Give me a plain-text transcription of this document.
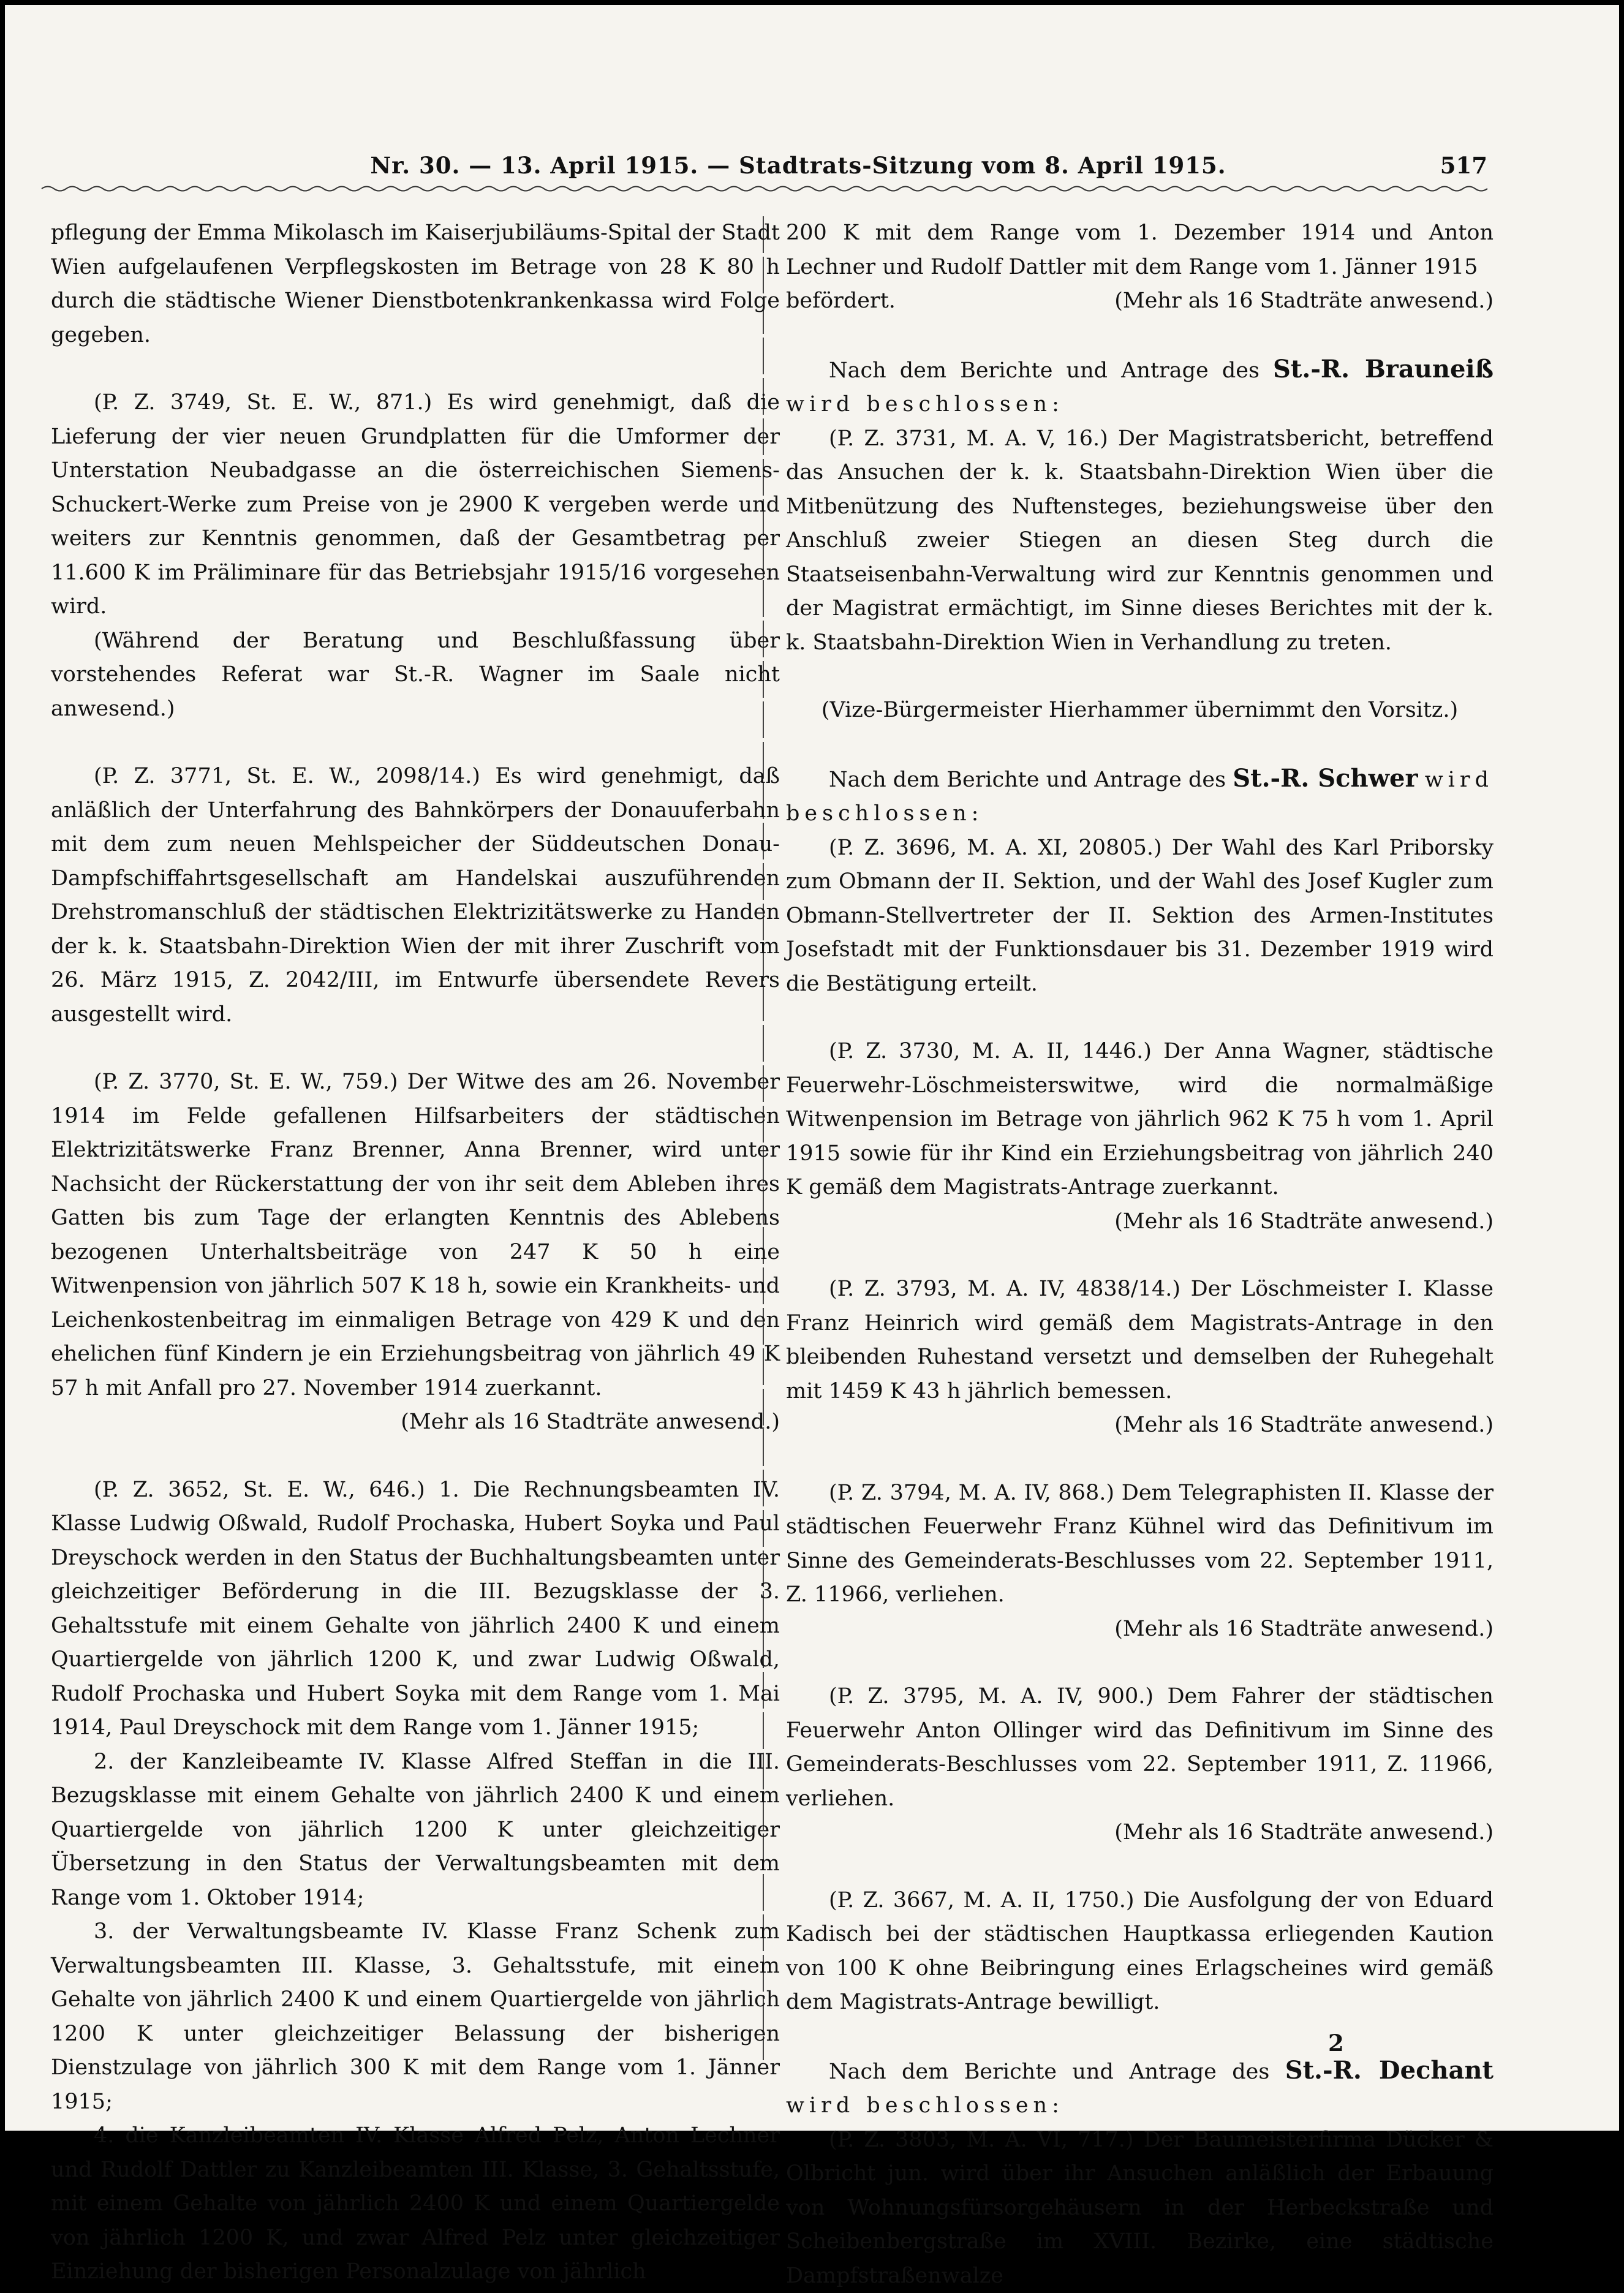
Nr. 30. — 13. April 1915. — Stadtrats-Sitzung vom 8. April 1915.	517

pflegung der Emma Mikolasch im Kaiserjubiläums-Spital der Stadt Wien aufgelaufenen Verpflegskosten im Betrage von 28 K 80 h durch die städtische Wiener Dienstbotenkrankenkassa wird Folge gegeben.

(P. Z. 3749, St. E. W., 871.) Es wird genehmigt, daß die Lieferung der vier neuen Grundplatten für die Umformer der Unterstation Neubadgasse an die österreichischen Siemens-Schuckert-Werke zum Preise von je 2900 K vergeben werde und weiters zur Kenntnis genommen, daß der Gesamtbetrag per 11.600 K im Präliminare für das Betriebsjahr 1915/16 vorgesehen wird.

(Während der Beratung und Beschlußfassung über vorstehendes Referat war St.-R. Wagner im Saale nicht anwesend.)

(P. Z. 3771, St. E. W., 2098/14.) Es wird genehmigt, daß anläßlich der Unterfahrung des Bahnkörpers der Donauuferbahn mit dem zum neuen Mehlspeicher der Süddeutschen Donau-Dampfschiffahrtsgesellschaft am Handelskai auszuführenden Drehstromanschluß der städtischen Elektrizitätswerke zu Handen der k. k. Staatsbahn-Direktion Wien der mit ihrer Zuschrift vom 26. März 1915, Z. 2042/III, im Entwurfe übersendete Revers ausgestellt wird.

(P. Z. 3770, St. E. W., 759.) Der Witwe des am 26. November 1914 im Felde gefallenen Hilfsarbeiters der städtischen Elektrizitätswerke Franz Brenner, Anna Brenner, wird unter Nachsicht der Rückerstattung der von ihr seit dem Ableben ihres Gatten bis zum Tage der erlangten Kenntnis des Ablebens bezogenen Unterhaltsbeiträge von 247 K 50 h eine Witwenpension von jährlich 507 K 18 h, sowie ein Krankheits- und Leichenkostenbeitrag im einmaligen Betrage von 429 K und den ehelichen fünf Kindern je ein Erziehungsbeitrag von jährlich 49 K 57 h mit Anfall pro 27. November 1914 zuerkannt.

(Mehr als 16 Stadträte anwesend.)

(P. Z. 3652, St. E. W., 646.) 1. Die Rechnungsbeamten IV. Klasse Ludwig Oßwald, Rudolf Prochaska, Hubert Soyka und Paul Dreyschock werden in den Status der Buchhaltungsbeamten unter gleichzeitiger Beförderung in die III. Bezugsklasse der 3. Gehaltsstufe mit einem Gehalte von jährlich 2400 K und einem Quartiergelde von jährlich 1200 K, und zwar Ludwig Oßwald, Rudolf Prochaska und Hubert Soyka mit dem Range vom 1. Mai 1914, Paul Dreyschock mit dem Range vom 1. Jänner 1915;

2. der Kanzleibeamte IV. Klasse Alfred Steffan in die III. Bezugsklasse mit einem Gehalte von jährlich 2400 K und einem Quartiergelde von jährlich 1200 K unter gleichzeitiger Übersetzung in den Status der Verwaltungsbeamten mit dem Range vom 1. Oktober 1914;

3. der Verwaltungsbeamte IV. Klasse Franz Schenk zum Verwaltungsbeamten III. Klasse, 3. Gehaltsstufe, mit einem Gehalte von jährlich 2400 K und einem Quartiergelde von jährlich 1200 K unter gleichzeitiger Belassung der bisherigen Dienstzulage von jährlich 300 K mit dem Range vom 1. Jänner 1915;

4. die Kanzleibeamten IV. Klasse Alfred Pelz, Anton Lechner und Rudolf Dattler zu Kanzleibeamten III. Klasse, 3. Gehaltsstufe, mit einem Gehalte von jährlich 2400 K und einem Quartiergelde von jährlich 1200 K, und zwar Alfred Pelz unter gleichzeitiger Einziehung der bisherigen Personalzulage von jährlich

200 K mit dem Range vom 1. Dezember 1914 und Anton Lechner und Rudolf Dattler mit dem Range vom 1. Jänner 1915

befördert.	(Mehr als 16 Stadträte anwesend.)

Nach dem Berichte und Antrage des St.-R. Brauneiß wird beschlossen:

(P. Z. 3731, M. A. V, 16.) Der Magistratsbericht, betreffend das Ansuchen der k. k. Staatsbahn-Direktion Wien über die Mitbenützung des Nuftensteges, beziehungsweise über den Anschluß zweier Stiegen an diesen Steg durch die Staatseisenbahn-Verwaltung wird zur Kenntnis genommen und der Magistrat ermächtigt, im Sinne dieses Berichtes mit der k. k. Staatsbahn-Direktion Wien in Verhandlung zu treten.

(Vize-Bürgermeister Hierhammer übernimmt den Vorsitz.)

Nach dem Berichte und Antrage des St.-R. Schwer wird beschlossen:

(P. Z. 3696, M. A. XI, 20805.) Der Wahl des Karl Priborsky zum Obmann der II. Sektion, und der Wahl des Josef Kugler zum Obmann-Stellvertreter der II. Sektion des Armen-Institutes Josefstadt mit der Funktionsdauer bis 31. Dezember 1919 wird die Bestätigung erteilt.

(P. Z. 3730, M. A. II, 1446.) Der Anna Wagner, städtische Feuerwehr-Löschmeisterswitwe, wird die normalmäßige Witwenpension im Betrage von jährlich 962 K 75 h vom 1. April 1915 sowie für ihr Kind ein Erziehungsbeitrag von jährlich 240 K gemäß dem Magistrats-Antrage zuerkannt.

(Mehr als 16 Stadträte anwesend.)

(P. Z. 3793, M. A. IV, 4838/14.) Der Löschmeister I. Klasse Franz Heinrich wird gemäß dem Magistrats-Antrage in den bleibenden Ruhestand versetzt und demselben der Ruhegehalt mit 1459 K 43 h jährlich bemessen.

(Mehr als 16 Stadträte anwesend.)

(P. Z. 3794, M. A. IV, 868.) Dem Telegraphisten II. Klasse der städtischen Feuerwehr Franz Kühnel wird das Definitivum im Sinne des Gemeinderats-Beschlusses vom 22. September 1911, Z. 11966, verliehen.

(Mehr als 16 Stadträte anwesend.)

(P. Z. 3795, M. A. IV, 900.) Dem Fahrer der städtischen Feuerwehr Anton Ollinger wird das Definitivum im Sinne des Gemeinderats-Beschlusses vom 22. September 1911, Z. 11966, verliehen.

(Mehr als 16 Stadträte anwesend.)

(P. Z. 3667, M. A. II, 1750.) Die Ausfolgung der von Eduard Kadisch bei der städtischen Hauptkassa erliegenden Kaution von 100 K ohne Beibringung eines Erlagscheines wird gemäß dem Magistrats-Antrage bewilligt.

Nach dem Berichte und Antrage des St.-R. Dechant wird beschlossen:

(P. Z. 3803, M. A. VI, 717.) Der Baumeisterfirma Dücker & Olbricht jun. wird über ihr Ansuchen anläßlich der Erbauung von Wohnungsfürsorgehäusern in der Herbeckstraße und Scheibenbergstraße im XVIII. Bezirke, eine städtische Dampfstraßenwalze

2
